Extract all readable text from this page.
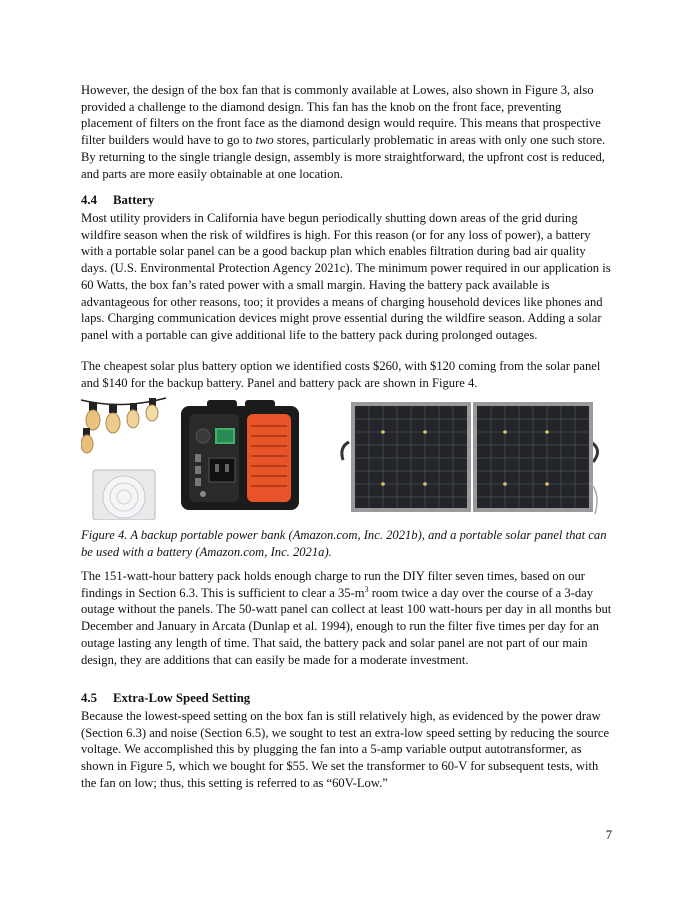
However, the design of the box fan that is commonly available at Lowes, also shown in Figure 3, also provided a challenge to the diamond design. This fan has the knob on the front face, preventing placement of filters on the front face as the diamond design would require. This means that prospective filter builders would have to go to two stores, particularly problematic in areas with only one such store. By returning to the single triangle design, assembly is more straightforward, the upfront cost is reduced, and parts are more easily obtainable at one location.

4.4 Battery

Most utility providers in California have begun periodically shutting down areas of the grid during wildfire season when the risk of wildfires is high. For this reason (or for any loss of power), a battery with a portable solar panel can be a good backup plan which enables filtration during bad air quality days. (U.S. Environmental Protection Agency 2021c). The minimum power required in our application is 60 Watts, the box fan’s rated power with a small margin. Having the battery pack available is advantageous for other reasons, too; it provides a means of charging household devices like phones and laps. Charging communication devices might prove essential during the wildfire season. Adding a solar panel with a portable can give additional life to the battery pack during prolonged outages.

The cheapest solar plus battery option we identified costs $260, with $120 coming from the solar panel and $140 for the backup battery. Panel and battery pack are shown in Figure 4.

Figure 4. A backup portable power bank (Amazon.com, Inc. 2021b), and a portable solar panel that can be used with a battery (Amazon.com, Inc. 2021a).

The 151-watt-hour battery pack holds enough charge to run the DIY filter seven times, based on our findings in Section 6.3. This is sufficient to clear a $35-m^3$ room twice a day over the course of a 3-day outage without the panels. The 50-watt panel can collect at least 100 watt-hours per day in all months but December and January in Arcata (Dunlap et al. 1994), enough to run the filter five times per day for an outage lasting any length of time. That said, the battery pack and solar panel are not part of our main design, they are additions that can easily be made for a moderate investment.

4.5 Extra-Low Speed Setting

Because the lowest-speed setting on the box fan is still relatively high, as evidenced by the power draw (Section 6.3) and noise (Section 6.5), we sought to test an extra-low speed setting by reducing the source voltage. We accomplished this by plugging the fan into a 5-amp variable output autotransformer, as shown in Figure 5, which we bought for $55. We set the transformer to 60-V for subsequent tests, with the fan on low; thus, this setting is referred to as “60V-Low.”

7
